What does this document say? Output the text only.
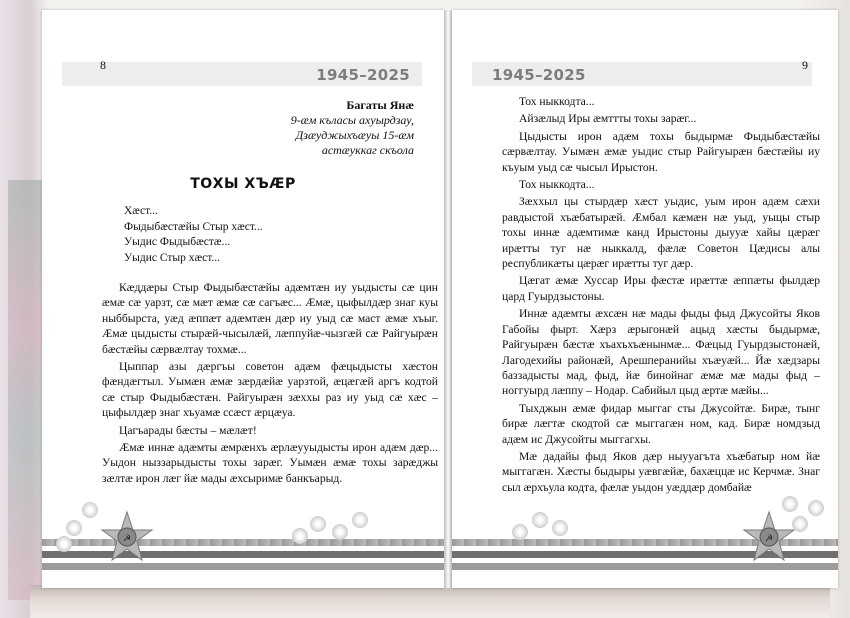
8
1945–2025
Багаты Янæ
9-æм къласы ахуырдзау,
Дзæуджыхъæуы 15-æм
астæуккаг скъола
ТОХЫ ХЪÆР
Хæст...
Фыдыбæстæйы Стыр хæст...
Уыдис Фыдыбæстæ...
Уыдис Стыр хæст...

Кæддæры Стыр Фыдыбæстæйы адæмтæн иу уыдысты сæ цин æмæ сæ уарзт, сæ мæт æмæ сæ сагъæс... Æмæ, цыфылдæр знаг куы ныббырста, уæд æппæт адæмтæн дæр иу уыд сæ маст æмæ хъыг. Æмæ цыдысты стырæй-чысылæй, лæппуйæ-чызгæй сæ Райгуырæн бæстæйы сæрвæлтау тохмæ...

Цыппар азы дæргъы советон адæм фæцыдысты хæстон фæндæгтыл. Уымæн æмæ зæрдæйæ уарзтой, æцæгæй аргъ кодтой сæ стыр Фыдыбæстæн. Райгуырæн зæххы раз иу уыд сæ хæс – цыфылдæр знаг хъуамæ ссæст æрцæуа.

Цагъарады бæсты – мæлæт!

Æмæ иннæ адæмты æмрæнхъ æрлæууыдысты ирон адæм дæр... Уыдон ныззарыдысты тохы зарæг. Уымæн æмæ тохы зарæджы зæлтæ ирон лæг йæ мады æхсыримæ банкъарыд.

☭
1945–2025
9

Тох ныккодта...

Айзæлыд Иры æмттты тохы зарæг...

Цыдысты ирон адæм тохы быдырмæ Фыдыбæстæйы сæрвæлтау. Уымæн æмæ уыдис стыр Райгуырæн бæстæйы иу къуым уыд сæ чысыл Ирыстон.

Тох ныккодта...

Зæххыл цы стырдæр хæст уыдис, уым ирон адæм сæхи равдыстой хъæбатырæй. Æмбал кæмæн нæ уыд, уыцы стыр тохы иннæ адæмтимæ канд Ирыстоны дыууæ хайы цæрæг ирæтты туг нæ ныккалд, фæлæ Советон Цæдисы алы республикæты цæрæг ирæтты туг дæр.

Цæгат æмæ Хуссар Иры фæстæ ирæттæ æппæты фылдæр цард Гуырдзыстоны.

Иннæ адæмты æхсæн нæ мады фыды фыд Джусойты Яков Габойы фырт. Хæрз æрыгонæй ацыд хæсты быдырмæ, Райгуырæн бæстæ хъахъхъæнынмæ... Фæцыд Гуырдзыстонæй, Лагодехийы районæй, Арешперанийы хъæуæй... Йæ хæдзары баззадысты мад, фыд, йæ бинойнаг æмæ мæ мады фыд – ноггуырд лæппу – Нодар. Сабийыл цыд æртæ мæйы...

Тыхджын æмæ фидар мыггаг сты Джусойтæ. Бирæ, тынг бирæ лæгтæ скодтой сæ мыггагæн ном, кад. Бирæ номдзыд адæм ис Джусойты мыггагхы.

Мæ дадайы фыд Яков дæр ныууагъта хъæбатыр ном йæ мыггагæн. Хæсты быдыры уæвгæйæ, бахæццæ ис Керчмæ. Знаг сыл æрхъула кодта, фæлæ уыдон уæддæр домбайæ

☭
